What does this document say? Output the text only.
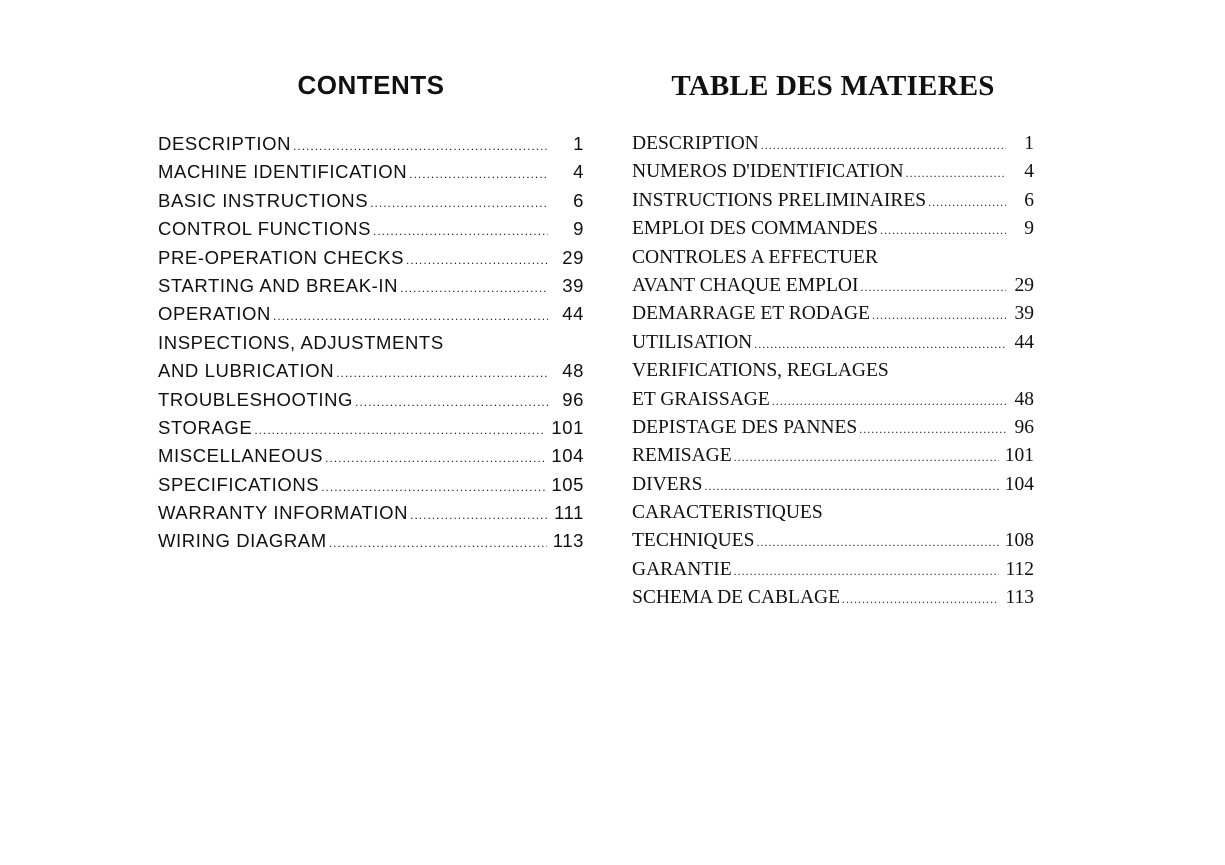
CONTENTS
DESCRIPTION .....	1
MACHINE IDENTIFICATION .....	4
BASIC INSTRUCTIONS .....	6
CONTROL FUNCTIONS .....	9
PRE-OPERATION CHECKS .....	29
STARTING AND BREAK-IN .....	39
OPERATION .....	44
INSPECTIONS, ADJUSTMENTS
AND LUBRICATION .....	48
TROUBLESHOOTING .....	96
STORAGE .....	101
MISCELLANEOUS .....	104
SPECIFICATIONS .....	105
WARRANTY INFORMATION .....	111
WIRING DIAGRAM .....	113
TABLE DES MATIERES
DESCRIPTION .....	1
NUMEROS D'IDENTIFICATION .....	4
INSTRUCTIONS PRELIMINAIRES .....	6
EMPLOI DES COMMANDES .....	9
CONTROLES A EFFECTUER
AVANT CHAQUE EMPLOI .....	29
DEMARRAGE ET RODAGE .....	39
UTILISATION .....	44
VERIFICATIONS, REGLAGES
ET GRAISSAGE .....	48
DEPISTAGE DES PANNES .....	96
REMISAGE .....	101
DIVERS .....	104
CARACTERISTIQUES
TECHNIQUES .....	108
GARANTIE .....	112
SCHEMA DE CABLAGE .....	113
